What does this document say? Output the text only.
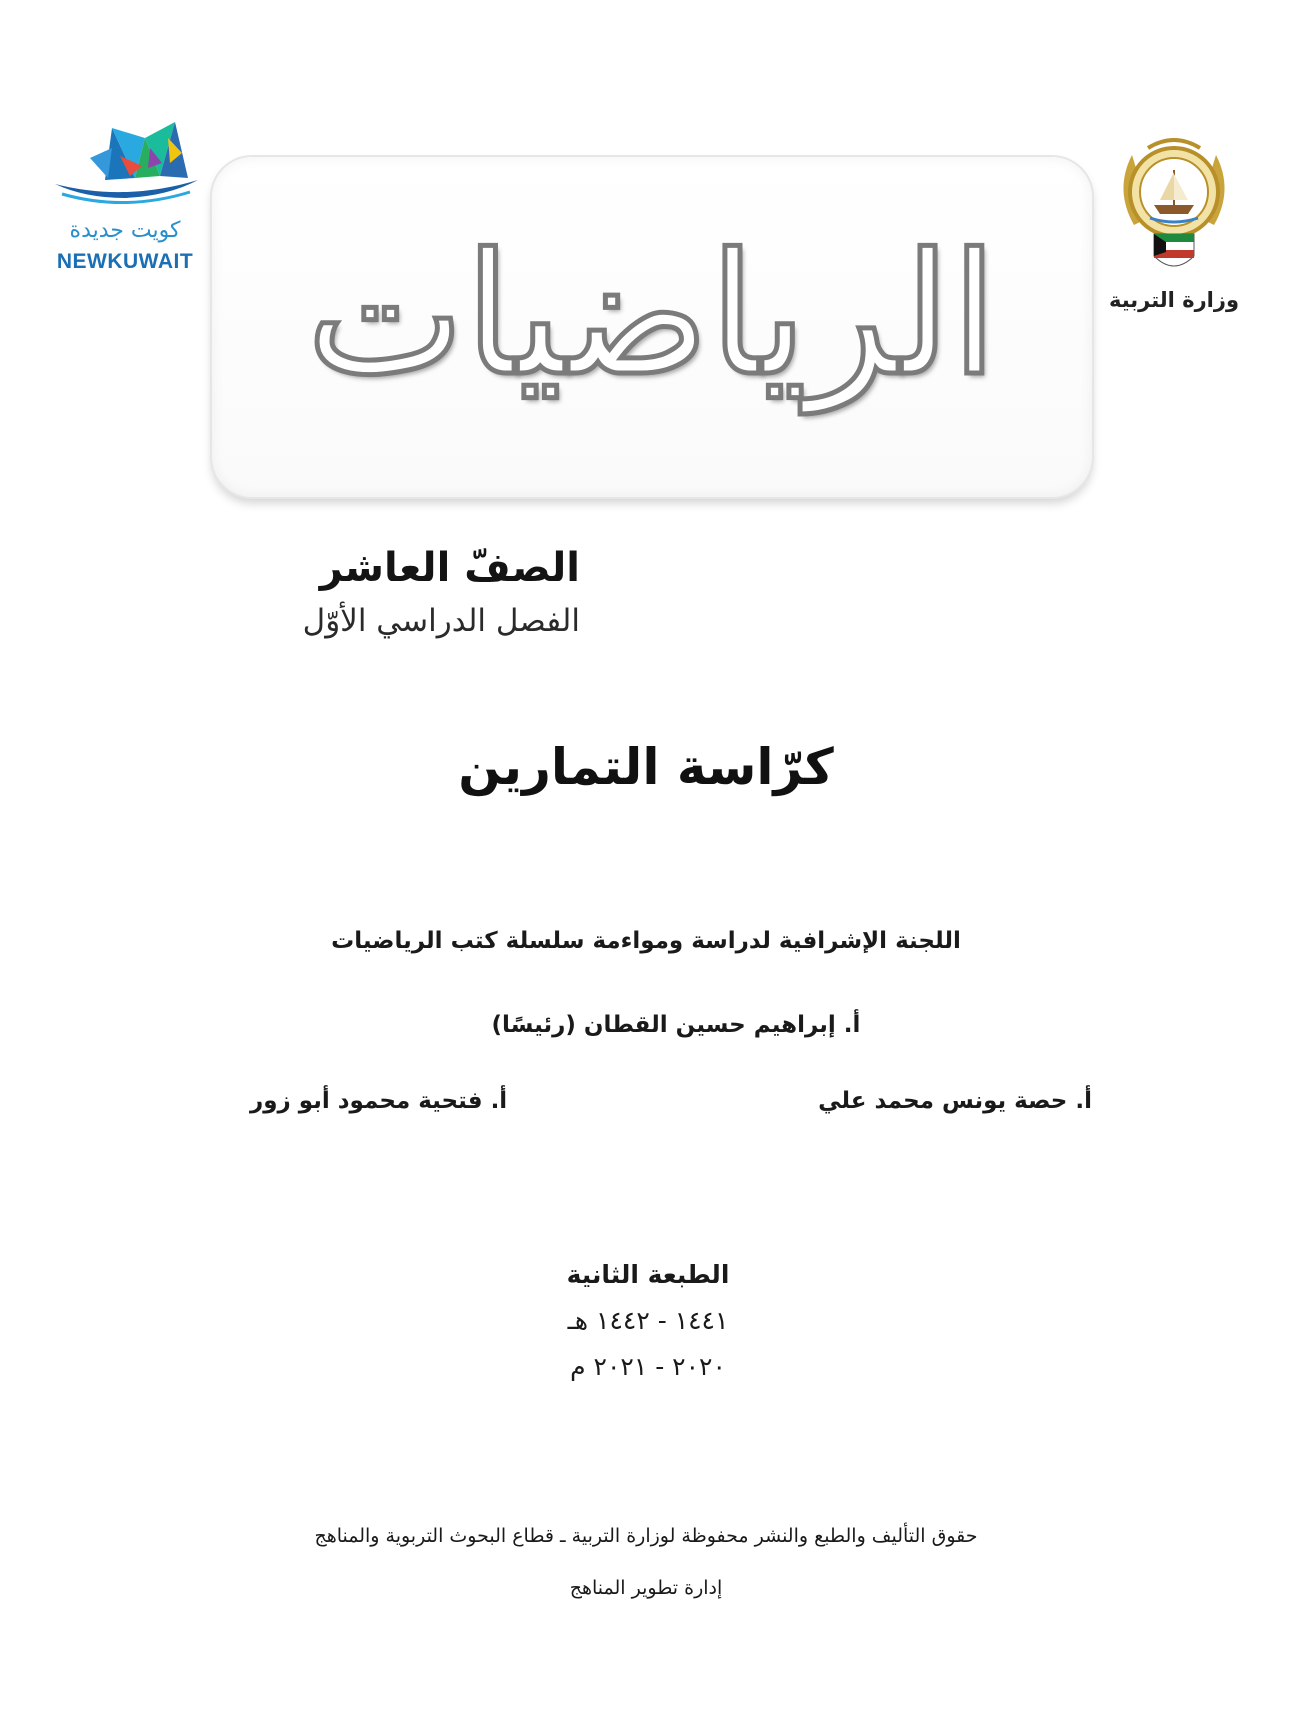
كويت جديدة
NEWKUWAIT
وزارة التربية
الرياضيات
الصفّ العاشر
الفصل الدراسي الأوّل
كرّاسة التمارين
اللجنة الإشرافية لدراسة ومواءمة سلسلة كتب الرياضيات
أ. إبراهيم حسين القطان (رئيسًا)
أ. حصة يونس محمد علي
أ. فتحية محمود أبو زور
الطبعة الثانية
١٤٤١ - ١٤٤٢ هـ
٢٠٢٠ - ٢٠٢١ م
حقوق التأليف والطبع والنشر محفوظة لوزارة التربية ـ قطاع البحوث التربوية والمناهج
إدارة تطوير المناهج
